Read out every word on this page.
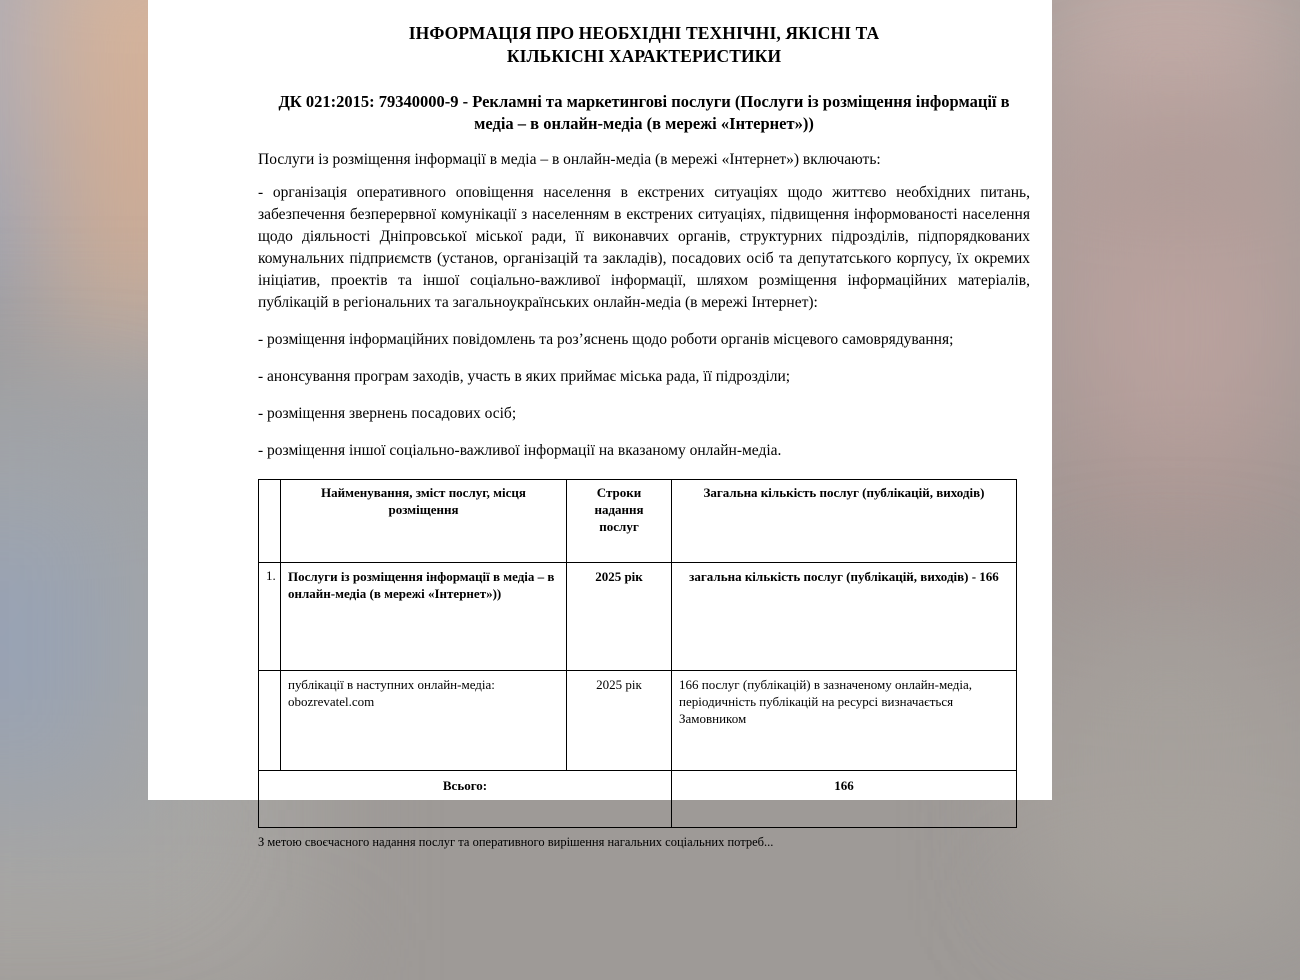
ІНФОРМАЦІЯ ПРО НЕОБХІДНІ ТЕХНІЧНІ, ЯКІСНІ ТА
КІЛЬКІСНІ ХАРАКТЕРИСТИКИ
ДК 021:2015: 79340000-9 - Рекламні та маркетингові послуги (Послуги із розміщення інформації в медіа – в онлайн-медіа (в мережі «Інтернет»))

Послуги із розміщення інформації в медіа – в онлайн-медіа (в мережі «Інтернет») включають:

- організація оперативного оповіщення населення в екстрених ситуаціях щодо життєво необхідних питань, забезпечення безперервної комунікації з населенням в екстрених ситуаціях, підвищення інформованості населення щодо діяльності Дніпровської міської ради, її виконавчих органів, структурних підрозділів, підпорядкованих комунальних підприємств (установ, організацій та закладів), посадових осіб та депутатського корпусу, їх окремих ініціатив, проектів та іншої соціально-важливої інформації, шляхом розміщення інформаційних матеріалів, публікацій в регіональних та загальноукраїнських онлайн-медіа (в мережі Інтернет):

- розміщення інформаційних повідомлень та роз’яснень щодо роботи органів місцевого самоврядування;

- анонсування програм заходів, участь в яких приймає міська рада, її підрозділи;

- розміщення звернень посадових осіб;

- розміщення іншої соціально-важливої інформації на вказаному онлайн-медіа.

	Найменування, зміст послуг, місця розміщення	Строки надання послуг	Загальна кількість послуг (публікацій, виходів)
1.	Послуги із розміщення інформації в медіа – в онлайн-медіа (в мережі «Інтернет»))	2025 рік	загальна кількість послуг (публікацій, виходів) - 166
	публікації в наступних онлайн-медіа: obozrevatel.com	2025 рік	166 послуг (публікацій) в зазначеному онлайн-медіа, періодичність публікацій на ресурсі визначається Замовником
Всього:			166

З метою своєчасного надання послуг та оперативного вирішення нагальних соціальних потреб...
